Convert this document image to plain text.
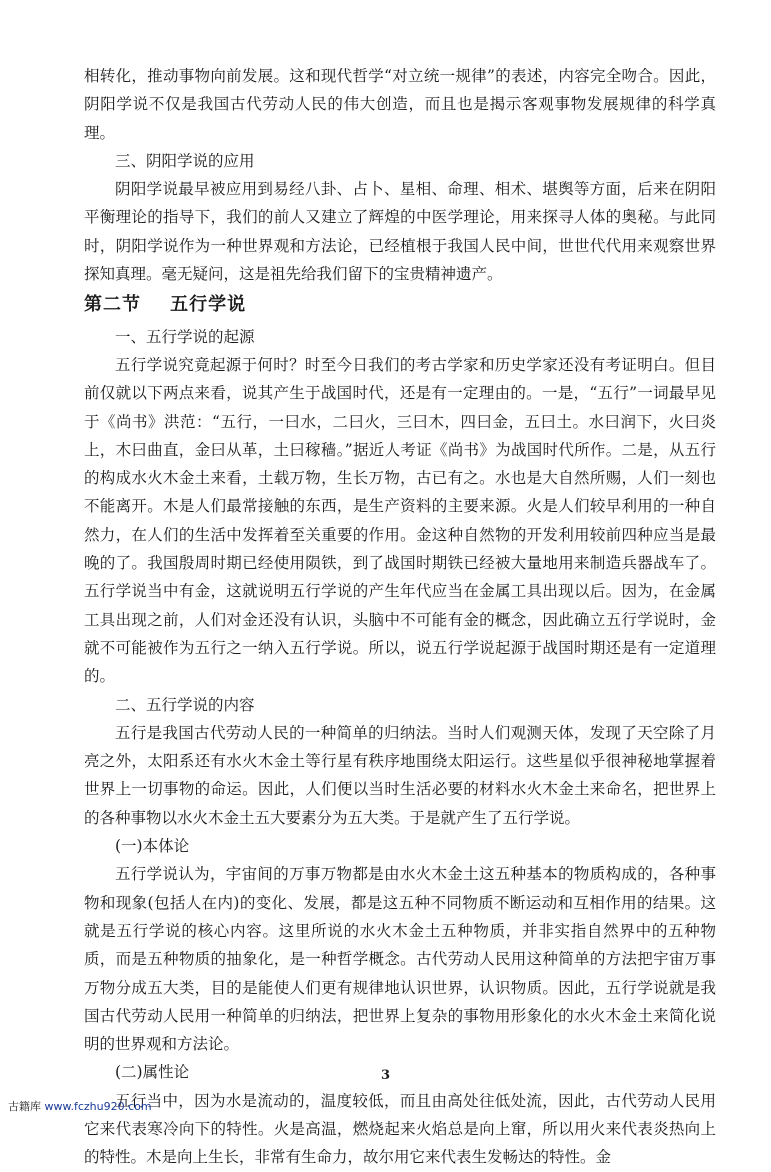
相转化，推动事物向前发展。这和现代哲学“对立统一规律”的表述，内容完全吻合。因此，阴阳学说不仅是我国古代劳动人民的伟大创造，而且也是揭示客观事物发展规律的科学真理。

三、阴阳学说的应用

阴阳学说最早被应用到易经八卦、占卜、星相、命理、相术、堪舆等方面，后来在阴阳平衡理论的指导下，我们的前人又建立了辉煌的中医学理论，用来探寻人体的奥秘。与此同时，阴阳学说作为一种世界观和方法论，已经植根于我国人民中间，世世代代用来观察世界探知真理。毫无疑问，这是祖先给我们留下的宝贵精神遗产。

第二节    五行学说

一、五行学说的起源

五行学说究竟起源于何时？时至今日我们的考古学家和历史学家还没有考证明白。但目前仅就以下两点来看，说其产生于战国时代，还是有一定理由的。一是，“五行”一词最早见于《尚书》洪范：“五行，一曰水，二曰火，三曰木，四曰金，五曰土。水曰润下，火曰炎上，木曰曲直，金曰从革，土曰稼穑。”据近人考证《尚书》为战国时代所作。二是，从五行的构成水火木金土来看，土载万物，生长万物，古已有之。水也是大自然所赐，人们一刻也不能离开。木是人们最常接触的东西，是生产资料的主要来源。火是人们较早利用的一种自然力，在人们的生活中发挥着至关重要的作用。金这种自然物的开发利用较前四种应当是最晚的了。我国殷周时期已经使用陨铁，到了战国时期铁已经被大量地用来制造兵器战车了。五行学说当中有金，这就说明五行学说的产生年代应当在金属工具出现以后。因为，在金属工具出现之前，人们对金还没有认识，头脑中不可能有金的概念，因此确立五行学说时，金就不可能被作为五行之一纳入五行学说。所以，说五行学说起源于战国时期还是有一定道理的。

二、五行学说的内容

五行是我国古代劳动人民的一种简单的归纳法。当时人们观测天体，发现了天空除了月亮之外，太阳系还有水火木金土等行星有秩序地围绕太阳运行。这些星似乎很神秘地掌握着世界上一切事物的命运。因此，人们便以当时生活必要的材料水火木金土来命名，把世界上的各种事物以水火木金土五大要素分为五大类。于是就产生了五行学说。

(一)本体论

五行学说认为，宇宙间的万事万物都是由水火木金土这五种基本的物质构成的，各种事物和现象(包括人在内)的变化、发展，都是这五种不同物质不断运动和互相作用的结果。这就是五行学说的核心内容。这里所说的水火木金土五种物质，并非实指自然界中的五种物质，而是五种物质的抽象化，是一种哲学概念。古代劳动人民用这种简单的方法把宇宙万事万物分成五大类，目的是能使人们更有规律地认识世界，认识物质。因此，五行学说就是我国古代劳动人民用一种简单的归纳法，把世界上复杂的事物用形象化的水火木金土来简化说明的世界观和方法论。

(二)属性论

五行当中，因为水是流动的，温度较低，而且由高处往低处流，因此，古代劳动人民用它来代表寒冷向下的特性。火是高温，燃烧起来火焰总是向上窜，所以用火来代表炎热向上的特性。木是向上生长，非常有生命力，故尔用它来代表生发畅达的特性。金

3
古籍库 www.fczhu920.com
